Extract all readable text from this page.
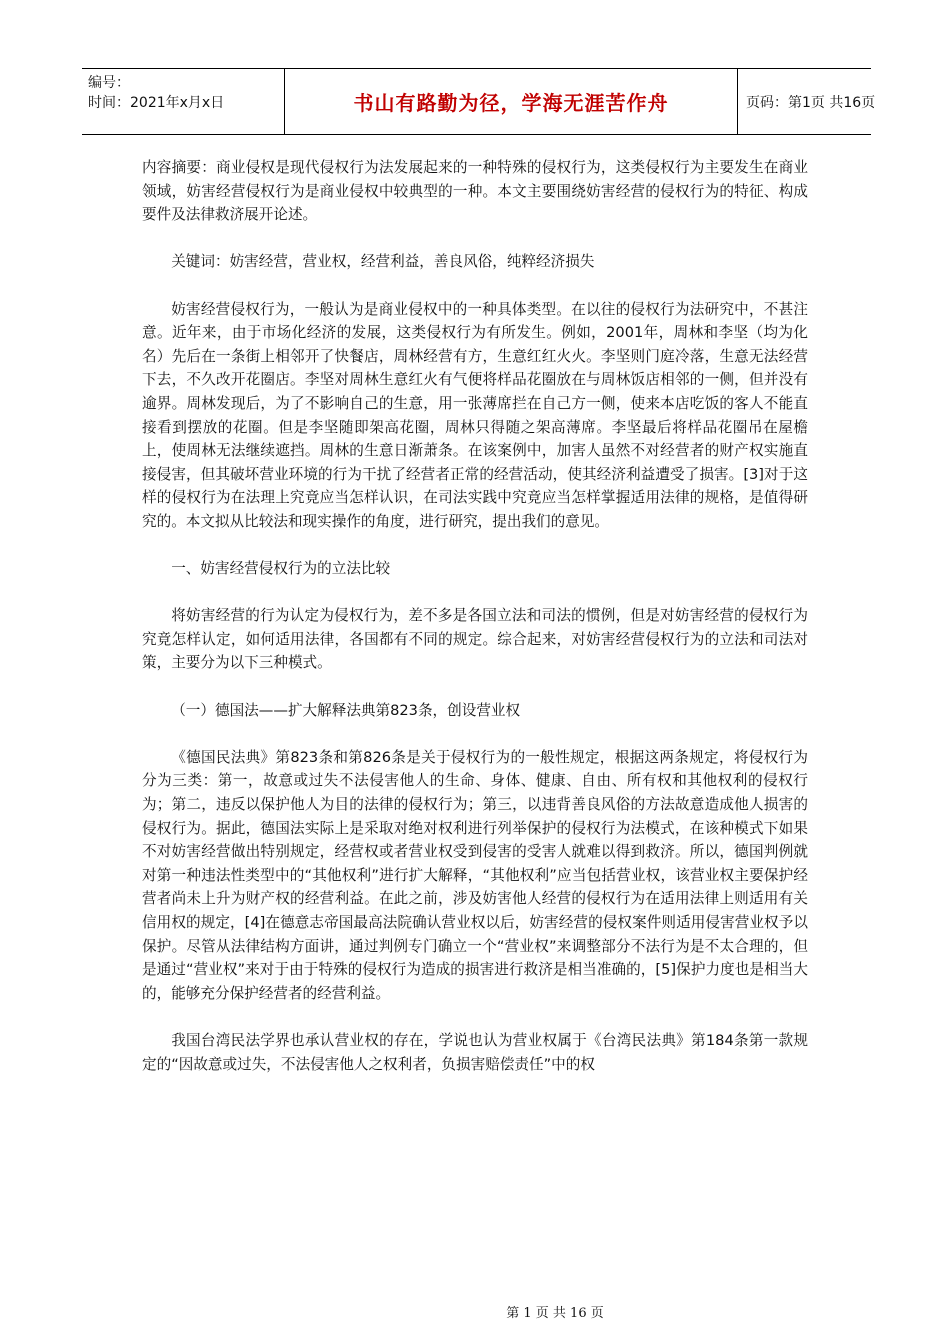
编号：
时间：2021年x月x日	书山有路勤为径，学海无涯苦作舟	页码：第1页 共16页

内容摘要：商业侵权是现代侵权行为法发展起来的一种特殊的侵权行为，这类侵权行为主要发生在商业领域，妨害经营侵权行为是商业侵权中较典型的一种。本文主要围绕妨害经营的侵权行为的特征、构成要件及法律救济展开论述。

关键词：妨害经营，营业权，经营利益，善良风俗，纯粹经济损失

妨害经营侵权行为，一般认为是商业侵权中的一种具体类型。在以往的侵权行为法研究中，不甚注意。近年来，由于市场化经济的发展，这类侵权行为有所发生。例如，2001年，周林和李坚（均为化名）先后在一条街上相邻开了快餐店，周林经营有方，生意红红火火。李坚则门庭冷落，生意无法经营下去，不久改开花圈店。李坚对周林生意红火有气便将样品花圈放在与周林饭店相邻的一侧，但并没有逾界。周林发现后，为了不影响自己的生意，用一张薄席拦在自己方一侧，使来本店吃饭的客人不能直接看到摆放的花圈。但是李坚随即架高花圈，周林只得随之架高薄席。李坚最后将样品花圈吊在屋檐上，使周林无法继续遮挡。周林的生意日渐萧条。在该案例中，加害人虽然不对经营者的财产权实施直接侵害，但其破坏营业环境的行为干扰了经营者正常的经营活动，使其经济利益遭受了损害。[3]对于这样的侵权行为在法理上究竟应当怎样认识，在司法实践中究竟应当怎样掌握适用法律的规格，是值得研究的。本文拟从比较法和现实操作的角度，进行研究，提出我们的意见。

一、妨害经营侵权行为的立法比较

将妨害经营的行为认定为侵权行为，差不多是各国立法和司法的惯例，但是对妨害经营的侵权行为究竟怎样认定，如何适用法律，各国都有不同的规定。综合起来，对妨害经营侵权行为的立法和司法对策，主要分为以下三种模式。

（一）德国法——扩大解释法典第823条，创设营业权

《德国民法典》第823条和第826条是关于侵权行为的一般性规定，根据这两条规定，将侵权行为分为三类：第一，故意或过失不法侵害他人的生命、身体、健康、自由、所有权和其他权利的侵权行为；第二，违反以保护他人为目的法律的侵权行为；第三，以违背善良风俗的方法故意造成他人损害的侵权行为。据此，德国法实际上是采取对绝对权利进行列举保护的侵权行为法模式，在该种模式下如果不对妨害经营做出特别规定，经营权或者营业权受到侵害的受害人就难以得到救济。所以，德国判例就对第一种违法性类型中的“其他权利”进行扩大解释，“其他权利”应当包括营业权，该营业权主要保护经营者尚未上升为财产权的经营利益。在此之前，涉及妨害他人经营的侵权行为在适用法律上则适用有关信用权的规定，[4]在德意志帝国最高法院确认营业权以后，妨害经营的侵权案件则适用侵害营业权予以保护。尽管从法律结构方面讲，通过判例专门确立一个“营业权”来调整部分不法行为是不太合理的，但是通过“营业权”来对于由于特殊的侵权行为造成的损害进行救济是相当准确的，[5]保护力度也是相当大的，能够充分保护经营者的经营利益。

我国台湾民法学界也承认营业权的存在，学说也认为营业权属于《台湾民法典》第184条第一款规定的“因故意或过失，不法侵害他人之权利者，负损害赔偿责任”中的权

第 1 页 共 16 页
